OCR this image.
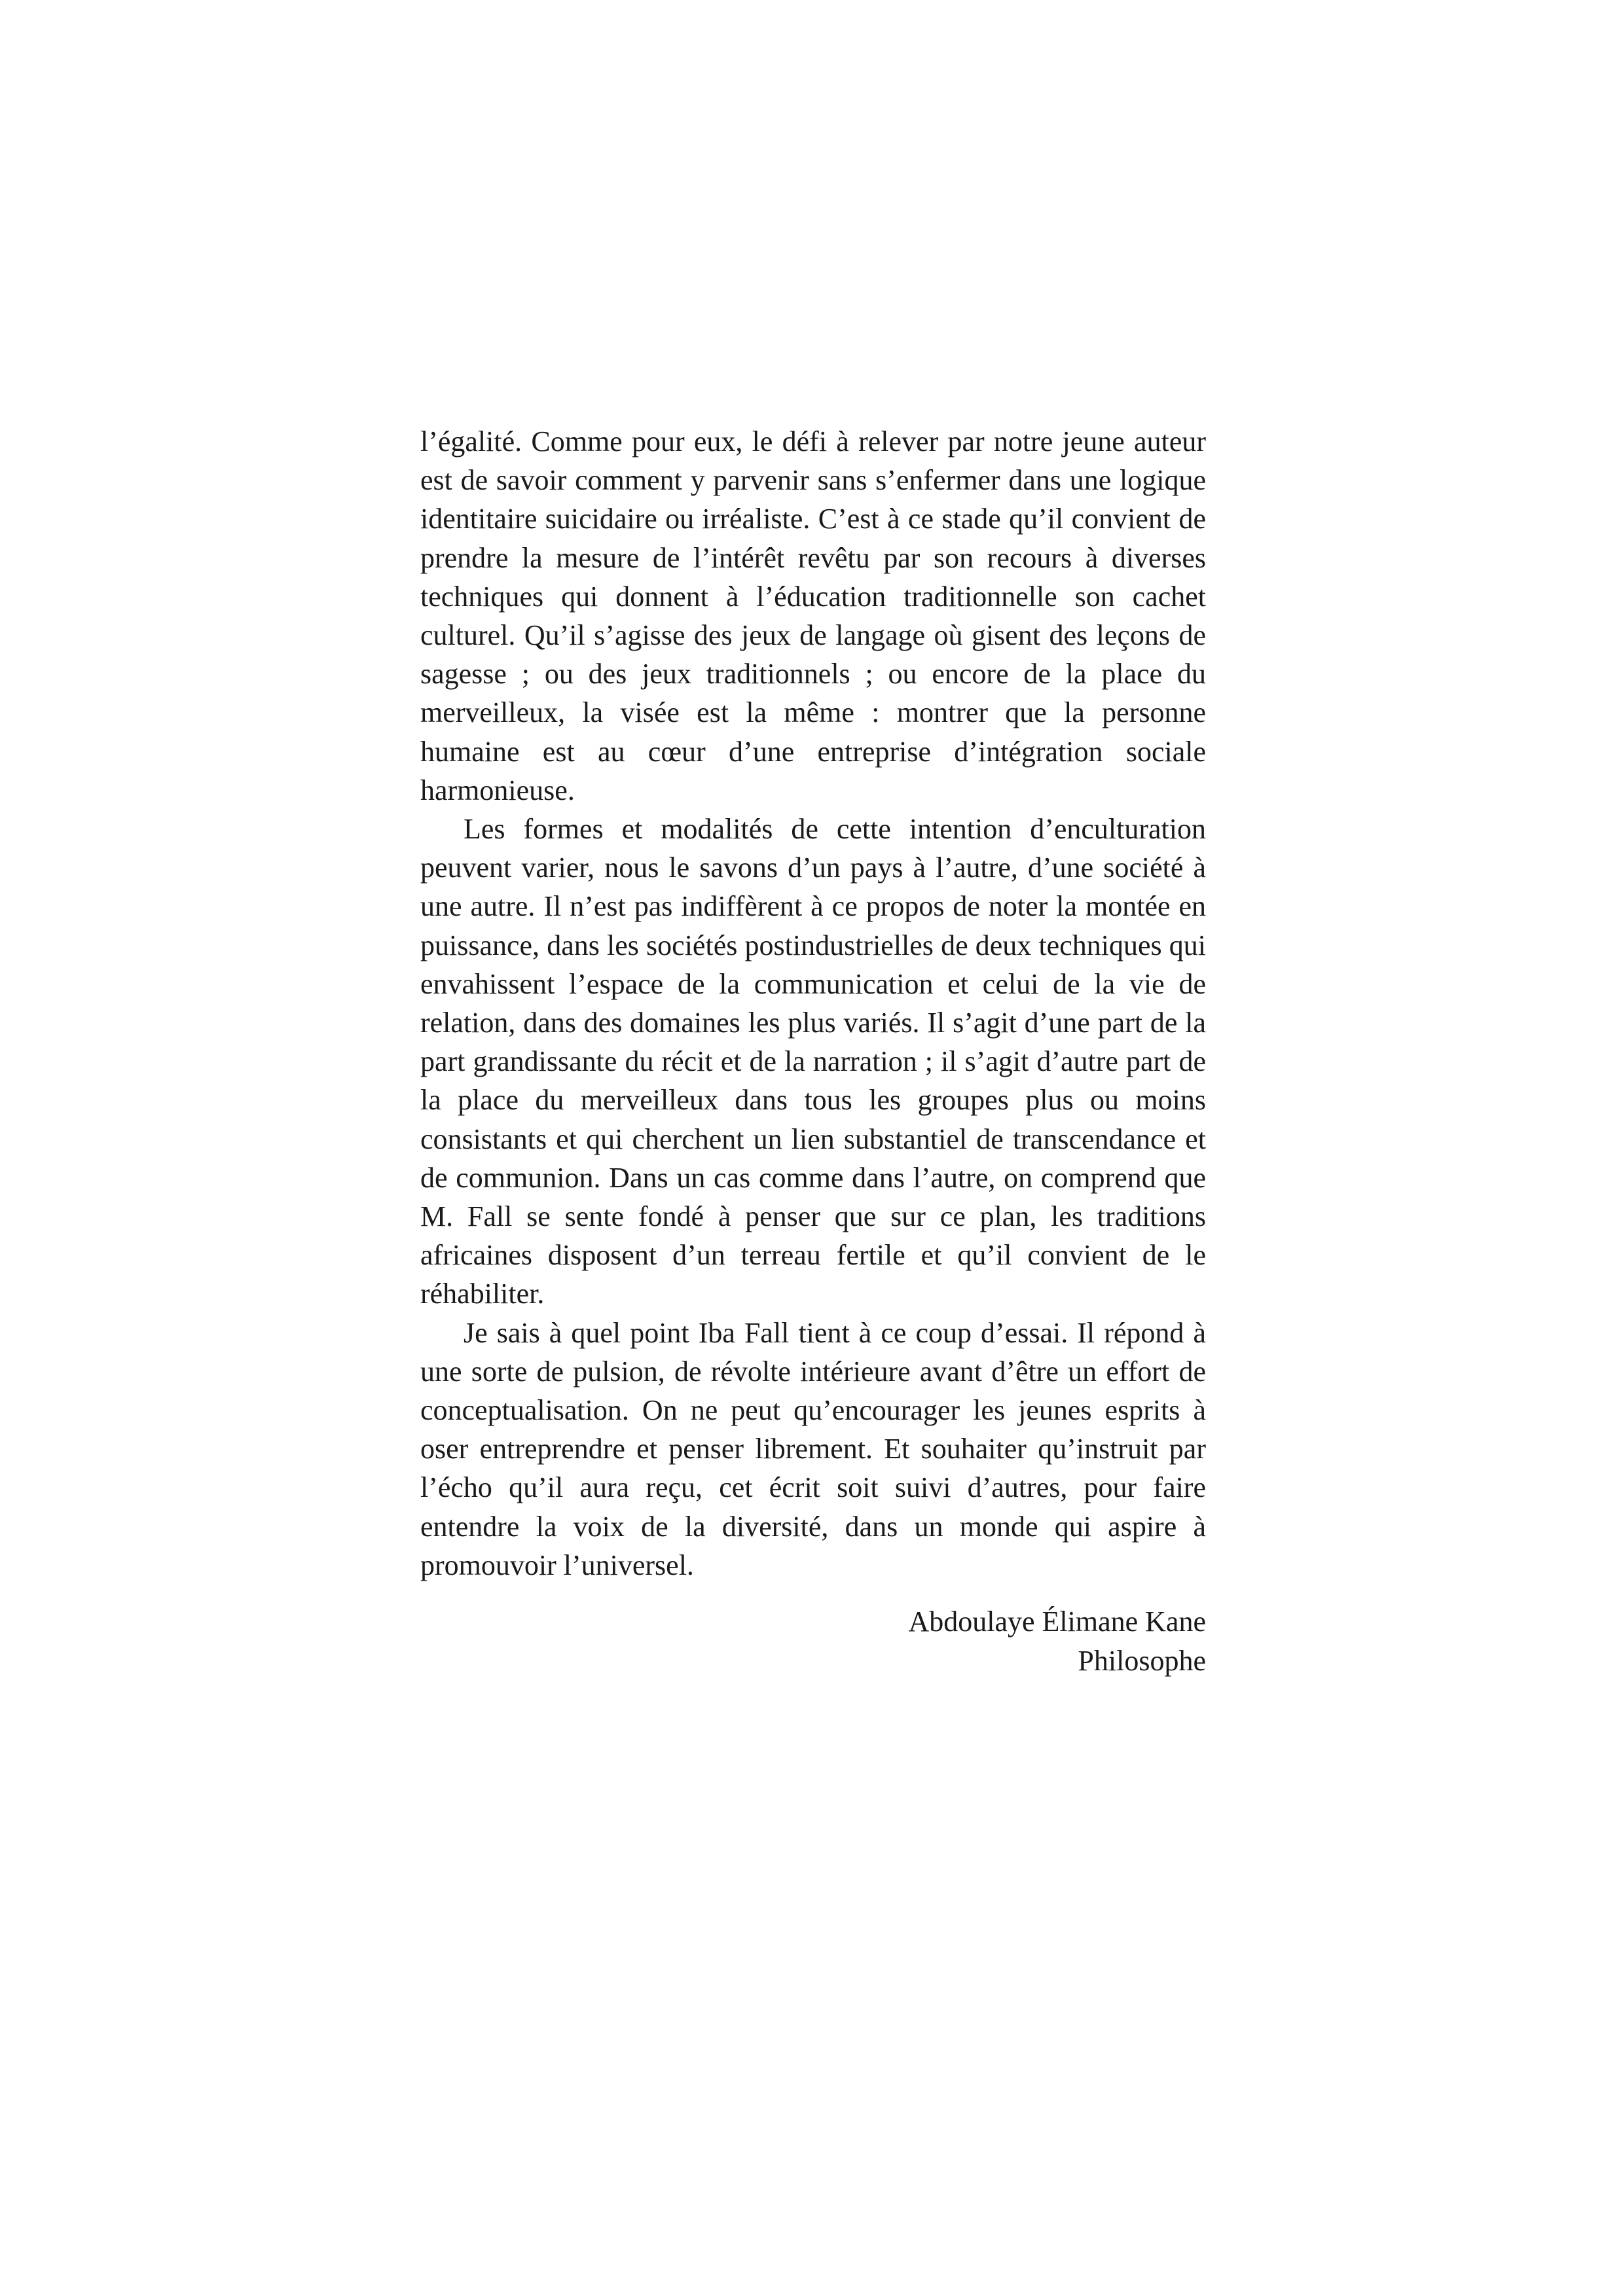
l’égalité. Comme pour eux, le défi à relever par notre jeune auteur est de savoir comment y parvenir sans s’enfermer dans une logique identitaire suicidaire ou irréaliste. C’est à ce stade qu’il convient de prendre la mesure de l’intérêt revêtu par son recours à diverses techniques qui donnent à l’éducation traditionnelle son cachet culturel. Qu’il s’agisse des jeux de langage où gisent des leçons de sagesse ; ou des jeux traditionnels ; ou encore de la place du merveilleux, la visée est la même : montrer que la personne humaine est au cœur d’une entreprise d’intégration sociale harmonieuse.

Les formes et modalités de cette intention d’enculturation peuvent varier, nous le savons d’un pays à l’autre, d’une société à une autre. Il n’est pas indiffèrent à ce propos de noter la montée en puissance, dans les sociétés postindustrielles de deux techniques qui envahissent l’espace de la communication et celui de la vie de relation, dans des domaines les plus variés. Il s’agit d’une part de la part grandissante du récit et de la narration ; il s’agit d’autre part de la place du merveilleux dans tous les groupes plus ou moins consistants et qui cherchent un lien substantiel de transcendance et de communion. Dans un cas comme dans l’autre, on comprend que M. Fall se sente fondé à penser que sur ce plan, les traditions africaines disposent d’un terreau fertile et qu’il convient de le réhabiliter.

Je sais à quel point Iba Fall tient à ce coup d’essai. Il répond à une sorte de pulsion, de révolte intérieure avant d’être un effort de conceptualisation. On ne peut qu’encourager les jeunes esprits à oser entreprendre et penser librement. Et souhaiter qu’instruit par l’écho qu’il aura reçu, cet écrit soit suivi d’autres, pour faire entendre la voix de la diversité, dans un monde qui aspire à promouvoir l’universel.

Abdoulaye Élimane Kane
Philosophe
